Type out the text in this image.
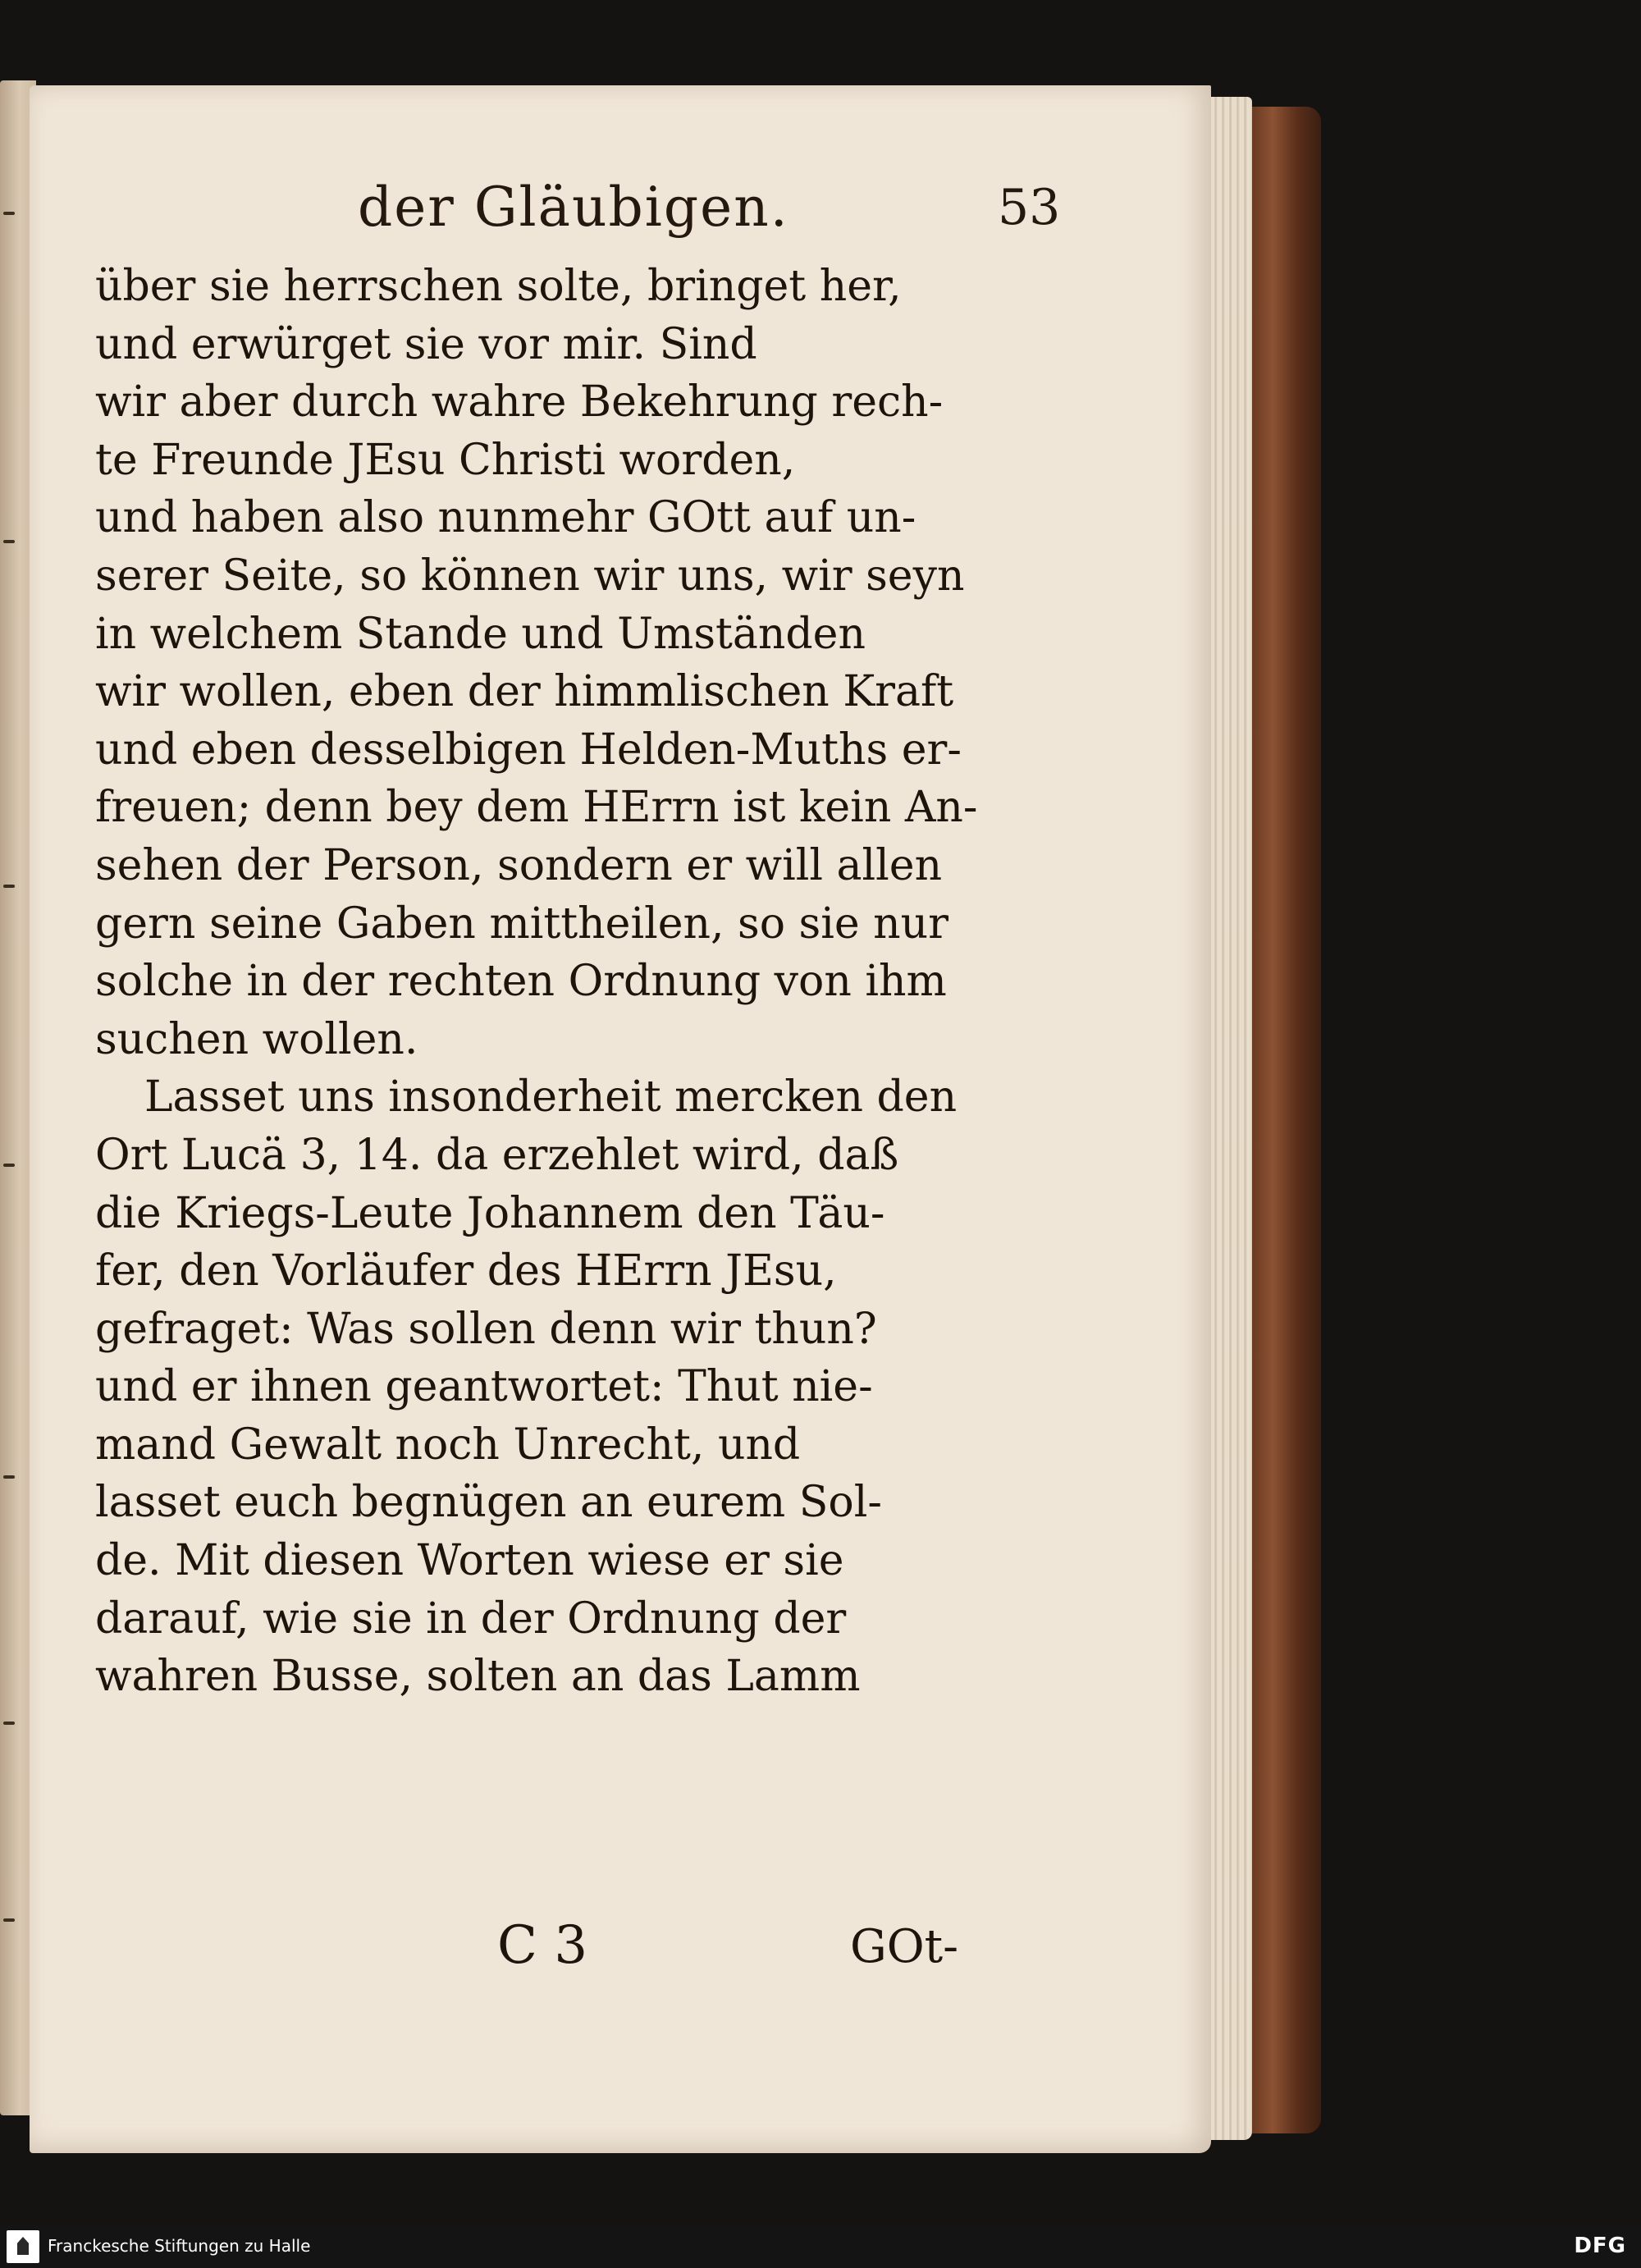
der Gläubigen.	53
über sie herrschen solte, bringet her,
und erwürget sie vor mir. Sind
wir aber durch wahre Bekehrung rech-
te Freunde JEsu Christi worden,
und haben also nunmehr GOtt auf un-
serer Seite, so können wir uns, wir seyn
in welchem Stande und Umständen
wir wollen, eben der himmlischen Kraft
und eben desselbigen Helden-Muths er-
freuen; denn bey dem HErrn ist kein An-
sehen der Person, sondern er will allen
gern seine Gaben mittheilen, so sie nur
solche in der rechten Ordnung von ihm
suchen wollen.
Lasset uns insonderheit mercken den
Ort Lucä 3, 14. da erzehlet wird, daß
die Kriegs-Leute Johannem den Täu-
fer, den Vorläufer des HErrn JEsu,
gefraget: Was sollen denn wir thun?
und er ihnen geantwortet: Thut nie-
mand Gewalt noch Unrecht, und
lasset euch begnügen an eurem Sol-
de. Mit diesen Worten wiese er sie
darauf, wie sie in der Ordnung der
wahren Busse, solten an das Lamm
C 3	GOt-
Franckesche Stiftungen zu Halle	DFG
